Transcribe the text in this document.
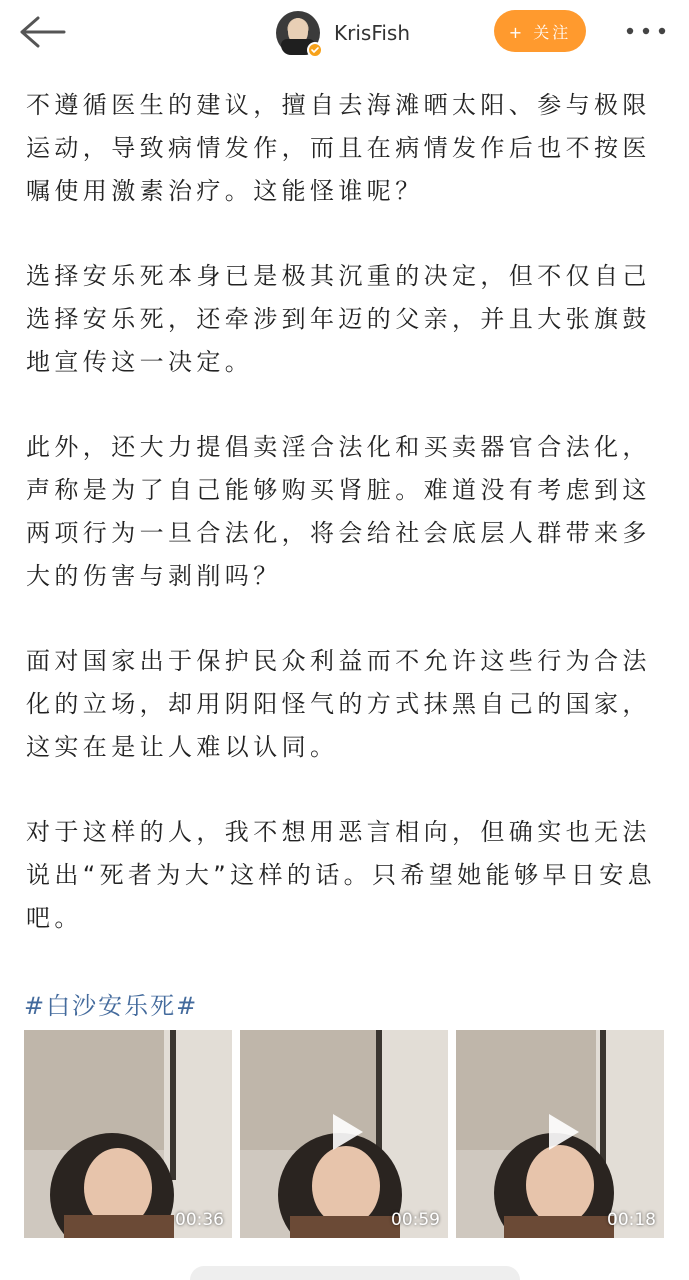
KrisFish	+ 关注

不遵循医生的建议，擅自去海滩晒太阳、参与极限运动，导致病情发作，而且在病情发作后也不按医嘱使用激素治疗。这能怪谁呢？

选择安乐死本身已是极其沉重的决定，但不仅自己选择安乐死，还牵涉到年迈的父亲，并且大张旗鼓地宣传这一决定。

此外，还大力提倡卖淫合法化和买卖器官合法化，声称是为了自己能够购买肾脏。难道没有考虑到这两项行为一旦合法化，将会给社会底层人群带来多大的伤害与剥削吗？

面对国家出于保护民众利益而不允许这些行为合法化的立场，却用阴阳怪气的方式抹黑自己的国家，这实在是让人难以认同。

对于这样的人，我不想用恶言相向，但确实也无法说出“死者为大”这样的话。只希望她能够早日安息吧。

#白沙安乐死#
00:36	00:59	00:18
